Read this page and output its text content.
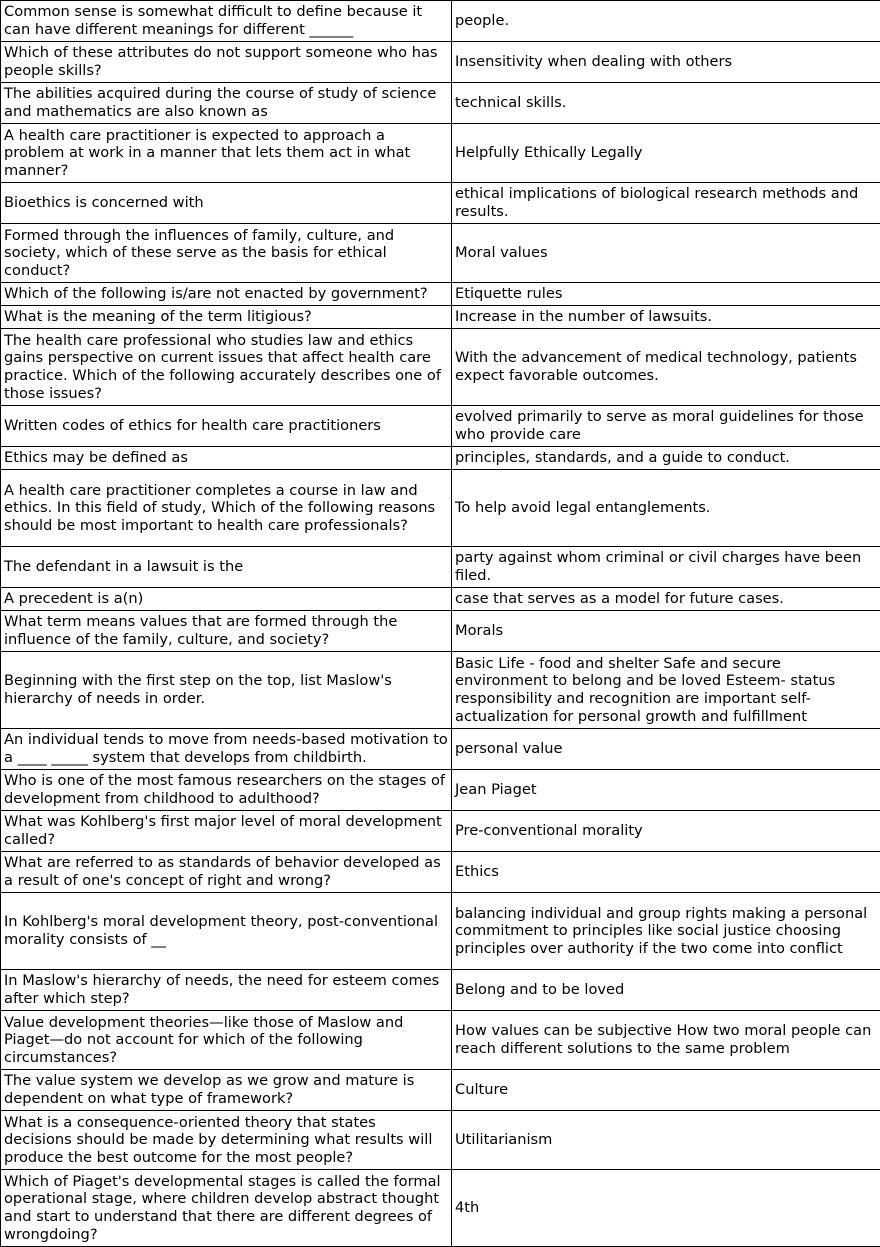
Common sense is somewhat difficult to define because it can have different meanings for different ______	people.
Which of these attributes do not support someone who has people skills?	Insensitivity when dealing with others
The abilities acquired during the course of study of science and mathematics are also known as	technical skills.
A health care practitioner is expected to approach a problem at work in a manner that lets them act in what manner?	Helpfully Ethically Legally
Bioethics is concerned with	ethical implications of biological research methods and results.
Formed through the influences of family, culture, and society, which of these serve as the basis for ethical conduct?	Moral values
Which of the following is/are not enacted by government?	Etiquette rules
What is the meaning of the term litigious?	Increase in the number of lawsuits.
The health care professional who studies law and ethics gains perspective on current issues that affect health care practice. Which of the following accurately describes one of those issues?	With the advancement of medical technology, patients expect favorable outcomes.
Written codes of ethics for health care practitioners	evolved primarily to serve as moral guidelines for those who provide care
Ethics may be defined as	principles, standards, and a guide to conduct.
A health care practitioner completes a course in law and ethics. In this field of study, Which of the following reasons should be most important to health care professionals?	To help avoid legal entanglements.
The defendant in a lawsuit is the	party against whom criminal or civil charges have been filed.
A precedent is a(n)	case that serves as a model for future cases.
What term means values that are formed through the influence of the family, culture, and society?	Morals
Beginning with the first step on the top, list Maslow's hierarchy of needs in order.	Basic Life - food and shelter Safe and secure environment to belong and be loved Esteem- status responsibility and recognition are important self-actualization for personal growth and fulfillment
An individual tends to move from needs-based motivation to a ____ _____ system that develops from childbirth.	personal value
Who is one of the most famous researchers on the stages of development from childhood to adulthood?	Jean Piaget
What was Kohlberg's first major level of moral development called?	Pre-conventional morality
What are referred to as standards of behavior developed as a result of one's concept of right and wrong?	Ethics
In Kohlberg's moral development theory, post-conventional morality consists of __	balancing individual and group rights making a personal commitment to principles like social justice choosing principles over authority if the two come into conflict
In Maslow's hierarchy of needs, the need for esteem comes after which step?	Belong and to be loved
Value development theories—like those of Maslow and Piaget—do not account for which of the following circumstances?	How values can be subjective How two moral people can reach different solutions to the same problem
The value system we develop as we grow and mature is dependent on what type of framework?	Culture
What is a consequence-oriented theory that states decisions should be made by determining what results will produce the best outcome for the most people?	Utilitarianism
Which of Piaget's developmental stages is called the formal operational stage, where children develop abstract thought and start to understand that there are different degrees of wrongdoing?	4th
